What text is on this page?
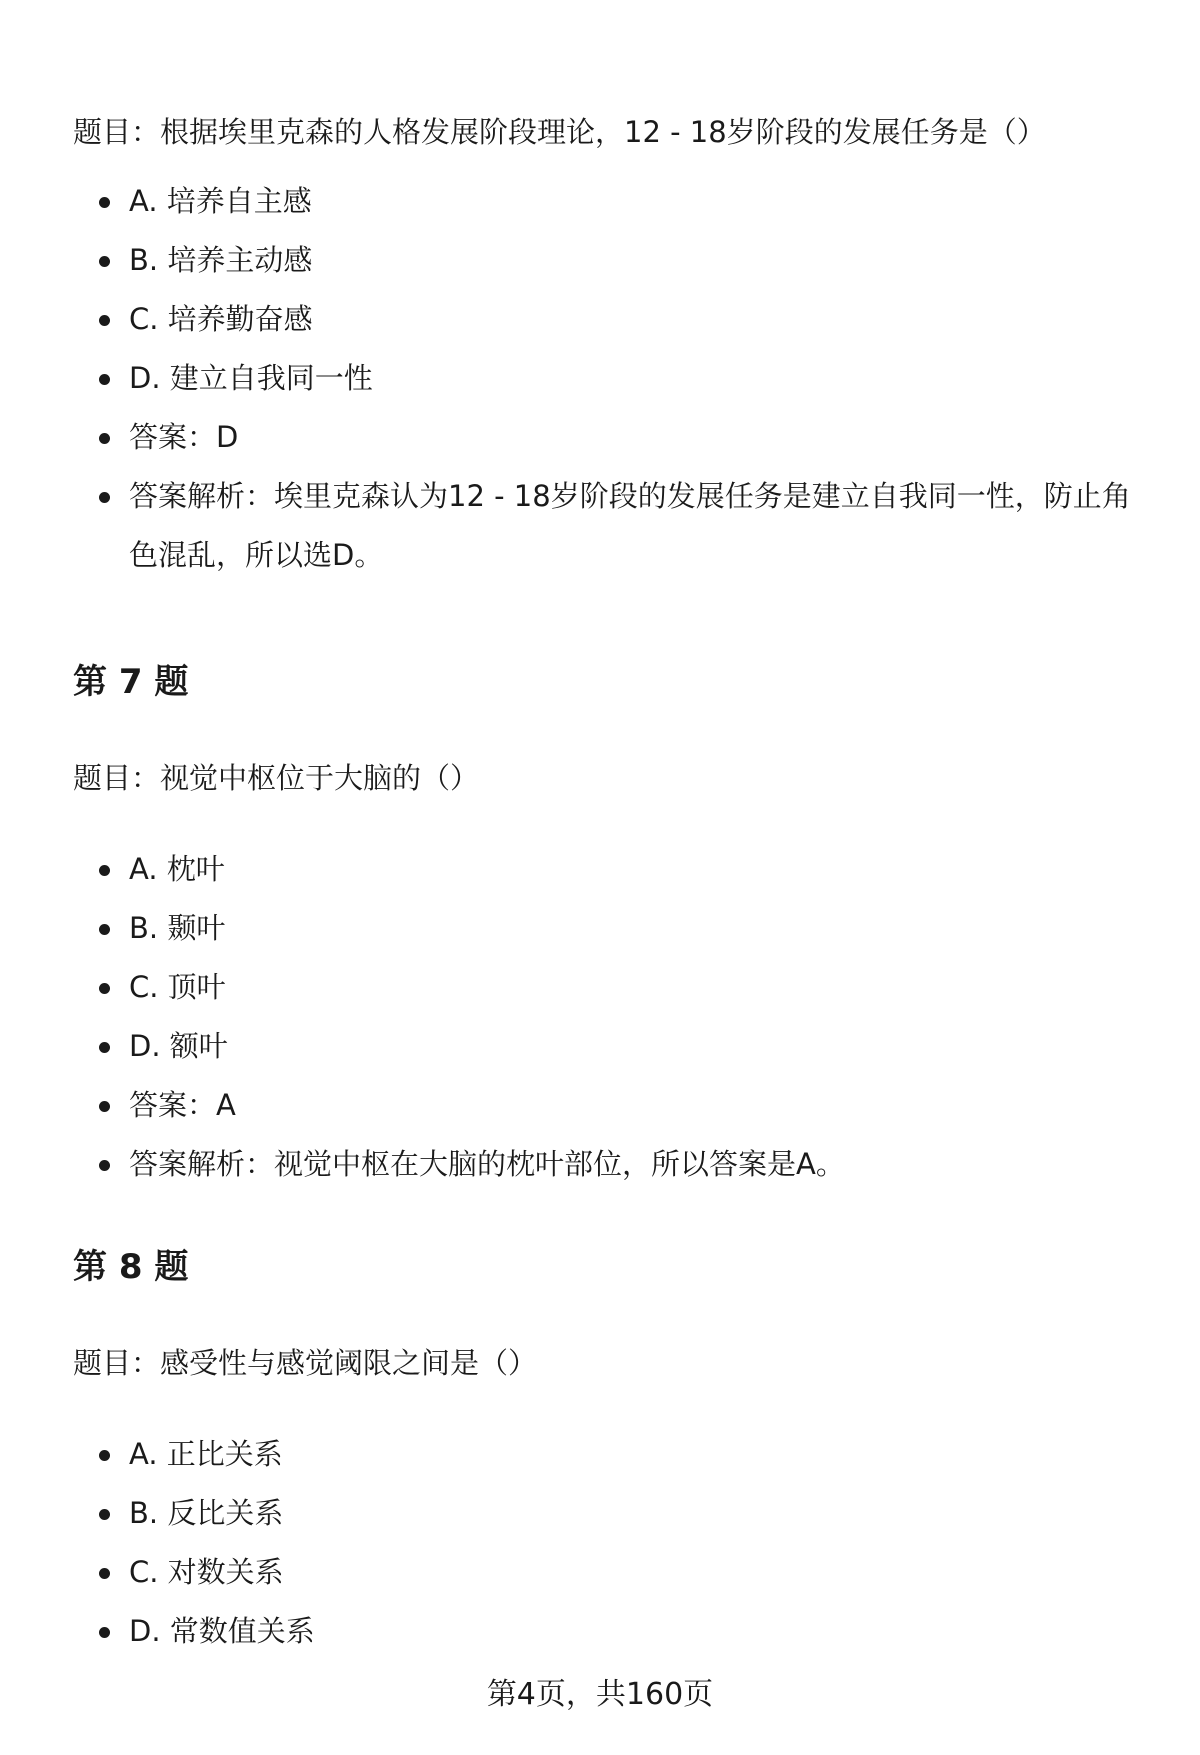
题目：根据埃里克森的人格发展阶段理论，12 - 18岁阶段的发展任务是（）

A. 培养自主感
B. 培养主动感
C. 培养勤奋感
D. 建立自我同一性
答案：D
答案解析：埃里克森认为12 - 18岁阶段的发展任务是建立自我同一性，防止角色混乱，所以选D。
第 7 题

题目：视觉中枢位于大脑的（）

A. 枕叶
B. 颞叶
C. 顶叶
D. 额叶
答案：A
答案解析：视觉中枢在大脑的枕叶部位，所以答案是A。
第 8 题

题目：感受性与感觉阈限之间是（）

A. 正比关系
B. 反比关系
C. 对数关系
D. 常数值关系
第4页，共160页
